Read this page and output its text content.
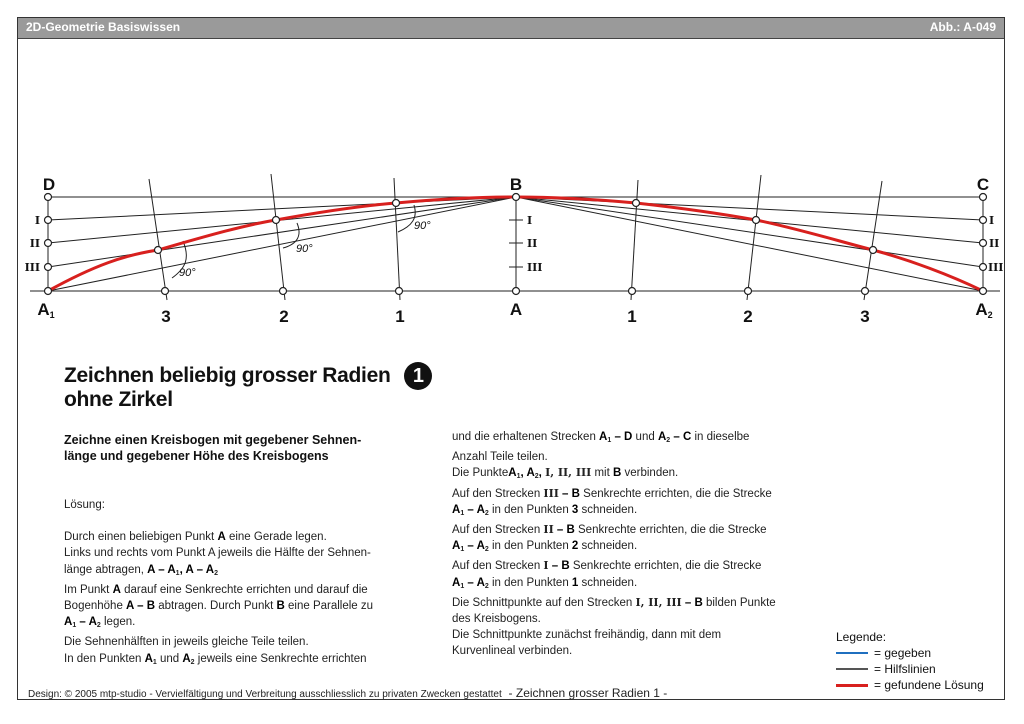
2D-Geometrie Basiswissen	Abb.: A-049
D	B	C
A1	A	A2
3	2	1	1	2	3
I
II
III
I
II
III
I
II
III
90°
90°
90°
Zeichnen beliebig grosser Radien
ohne Zirkel
1
Zeichne einen Kreisbogen mit gegebener Sehnen-
länge und gegebener Höhe des Kreisbogens

Lösung:

Durch einen beliebigen Punkt A eine Gerade legen.

Links und rechts vom Punkt A jeweils die Hälfte der Sehnen-

länge abtragen, A – $A_1$, A – $A_2$

Im Punkt A darauf eine Senkrechte errichten und darauf die

Bogenhöhe A – B abtragen. Durch Punkt B eine Parallele zu

$A_1 - A_2$ legen.

Die Sehnenhälften in jeweils gleiche Teile teilen.

In den Punkten $A_1$ und $A_2$ jeweils eine Senkrechte errichten

und die erhaltenen Strecken $A_1$ – D und $A_2$ – C in dieselbe

Anzahl Teile teilen.

Die PunkteA$_1$, $A_2$, I, II, III mit B verbinden.

Auf den Strecken III – B Senkrechte errichten, die die Strecke

$A_1 - A_2$ in den Punkten 3 schneiden.

Auf den Strecken II – B Senkrechte errichten, die die Strecke

$A_1 - A_2$ in den Punkten 2 schneiden.

Auf den Strecken I – B Senkrechte errichten, die die Strecke

$A_1 - A_2$ in den Punkten 1 schneiden.

Die Schnittpunkte auf den Strecken I, II, III – B bilden Punkte

des Kreisbogens.

Die Schnittpunkte zunächst freihändig, dann mit dem

Kurvenlineal verbinden.

Legende:
= gegeben
= Hilfslinien
= gefundene Lösung
Design: © 2005 mtp-studio - Vervielfältigung und Verbreitung ausschliesslich zu privaten Zwecken gestattet - Zeichnen grosser Radien 1 -
